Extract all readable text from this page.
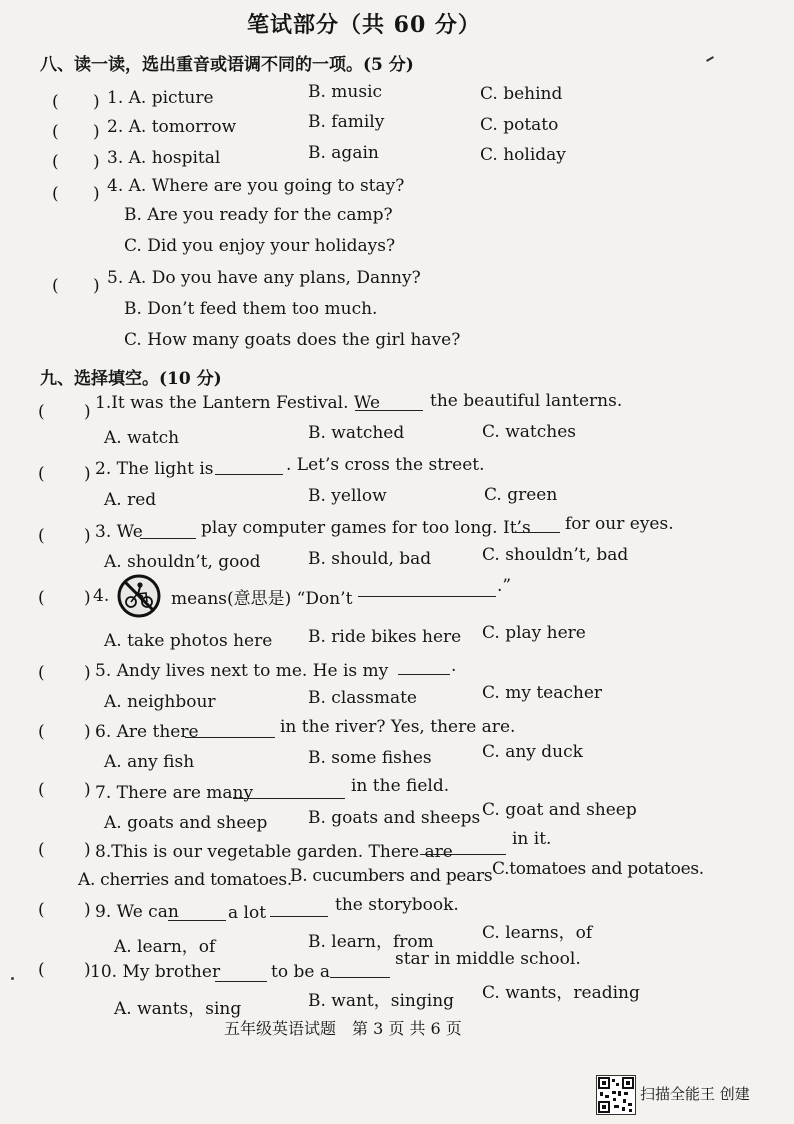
笔试部分（共 60 分）
八、读一读，选出重音或语调不同的一项。(5 分)
( ) 1. A. picture	B. music	C. behind
( ) 2. A. tomorrow	B. family	C. potato
( ) 3. A. hospital	B. again	C. holiday
( ) 4. A. Where are you going to stay?
B. Are you ready for the camp?
C. Did you enjoy your holidays?
( ) 5. A. Do you have any plans, Danny?
B. Don’t feed them too much.
C. How many goats does the girl have?
九、选择填空。(10 分)
( ) 1.It was the Lantern Festival. We	the beautiful lanterns.
A. watch	B. watched	C. watches
( ) 2. The light is	. Let’s cross the street.
A. red	B. yellow	C. green
( ) 3. We	play computer games for too long. It’s for our eyes.
A. shouldn’t, good	B. should, bad	C. shouldn’t, bad
( ) 4.	means(意思是) “Don’t
.”
A. take photos here B. ride bikes here C. play here
( ) 5. Andy lives next to me. He is my	.
A. neighbour	B. classmate	C. my teacher
( ) 6. Are there	in the river? Yes, there are.
A. any fish	B. some fishes	C. any duck
( ) 7. There are many	in the field.
A. goats and sheep B. goats and sheeps C. goat and sheep
( ) 8.This is our vegetable garden. There are
in it.
A. cherries and tomatoes.
B. cucumbers and pears C.tomatoes and potatoes.
( ) 9. We can	a lot	the storybook.
A. learn，of	B. learn，from	C. learns，of
( ) 10. My brother	to be a
star in middle school.
A. wants，sing	B. want，singing C. wants，reading
五年级英语试题　第 3 页 共 6 页
扫描全能王 创建
